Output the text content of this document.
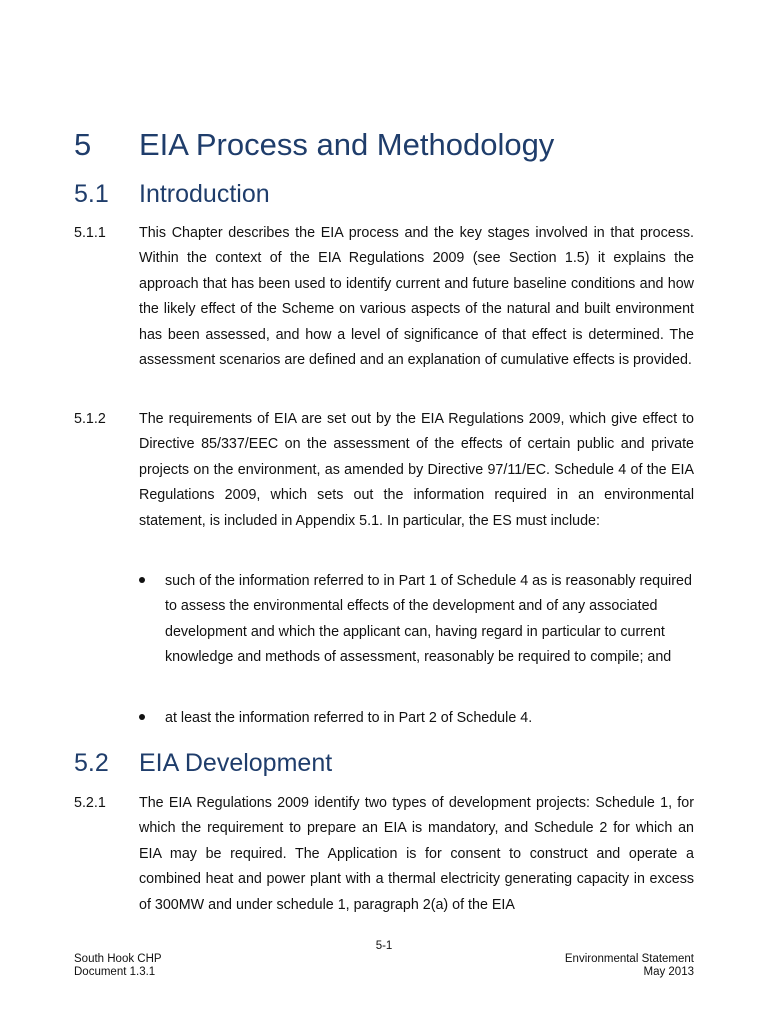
5 EIA Process and Methodology
5.1 Introduction
5.1.1 This Chapter describes the EIA process and the key stages involved in that process. Within the context of the EIA Regulations 2009 (see Section 1.5) it explains the approach that has been used to identify current and future baseline conditions and how the likely effect of the Scheme on various aspects of the natural and built environment has been assessed, and how a level of significance of that effect is determined. The assessment scenarios are defined and an explanation of cumulative effects is provided.
5.1.2 The requirements of EIA are set out by the EIA Regulations 2009, which give effect to Directive 85/337/EEC on the assessment of the effects of certain public and private projects on the environment, as amended by Directive 97/11/EC. Schedule 4 of the EIA Regulations 2009, which sets out the information required in an environmental statement, is included in Appendix 5.1. In particular, the ES must include:
such of the information referred to in Part 1 of Schedule 4 as is reasonably required to assess the environmental effects of the development and of any associated development and which the applicant can, having regard in particular to current knowledge and methods of assessment, reasonably be required to compile; and
at least the information referred to in Part 2 of Schedule 4.
5.2 EIA Development
5.2.1 The EIA Regulations 2009 identify two types of development projects: Schedule 1, for which the requirement to prepare an EIA is mandatory, and Schedule 2 for which an EIA may be required. The Application is for consent to construct and operate a combined heat and power plant with a thermal electricity generating capacity in excess of 300MW and under schedule 1, paragraph 2(a) of the EIA
5-1
South Hook CHP
Document 1.3.1
Environmental Statement
May 2013
